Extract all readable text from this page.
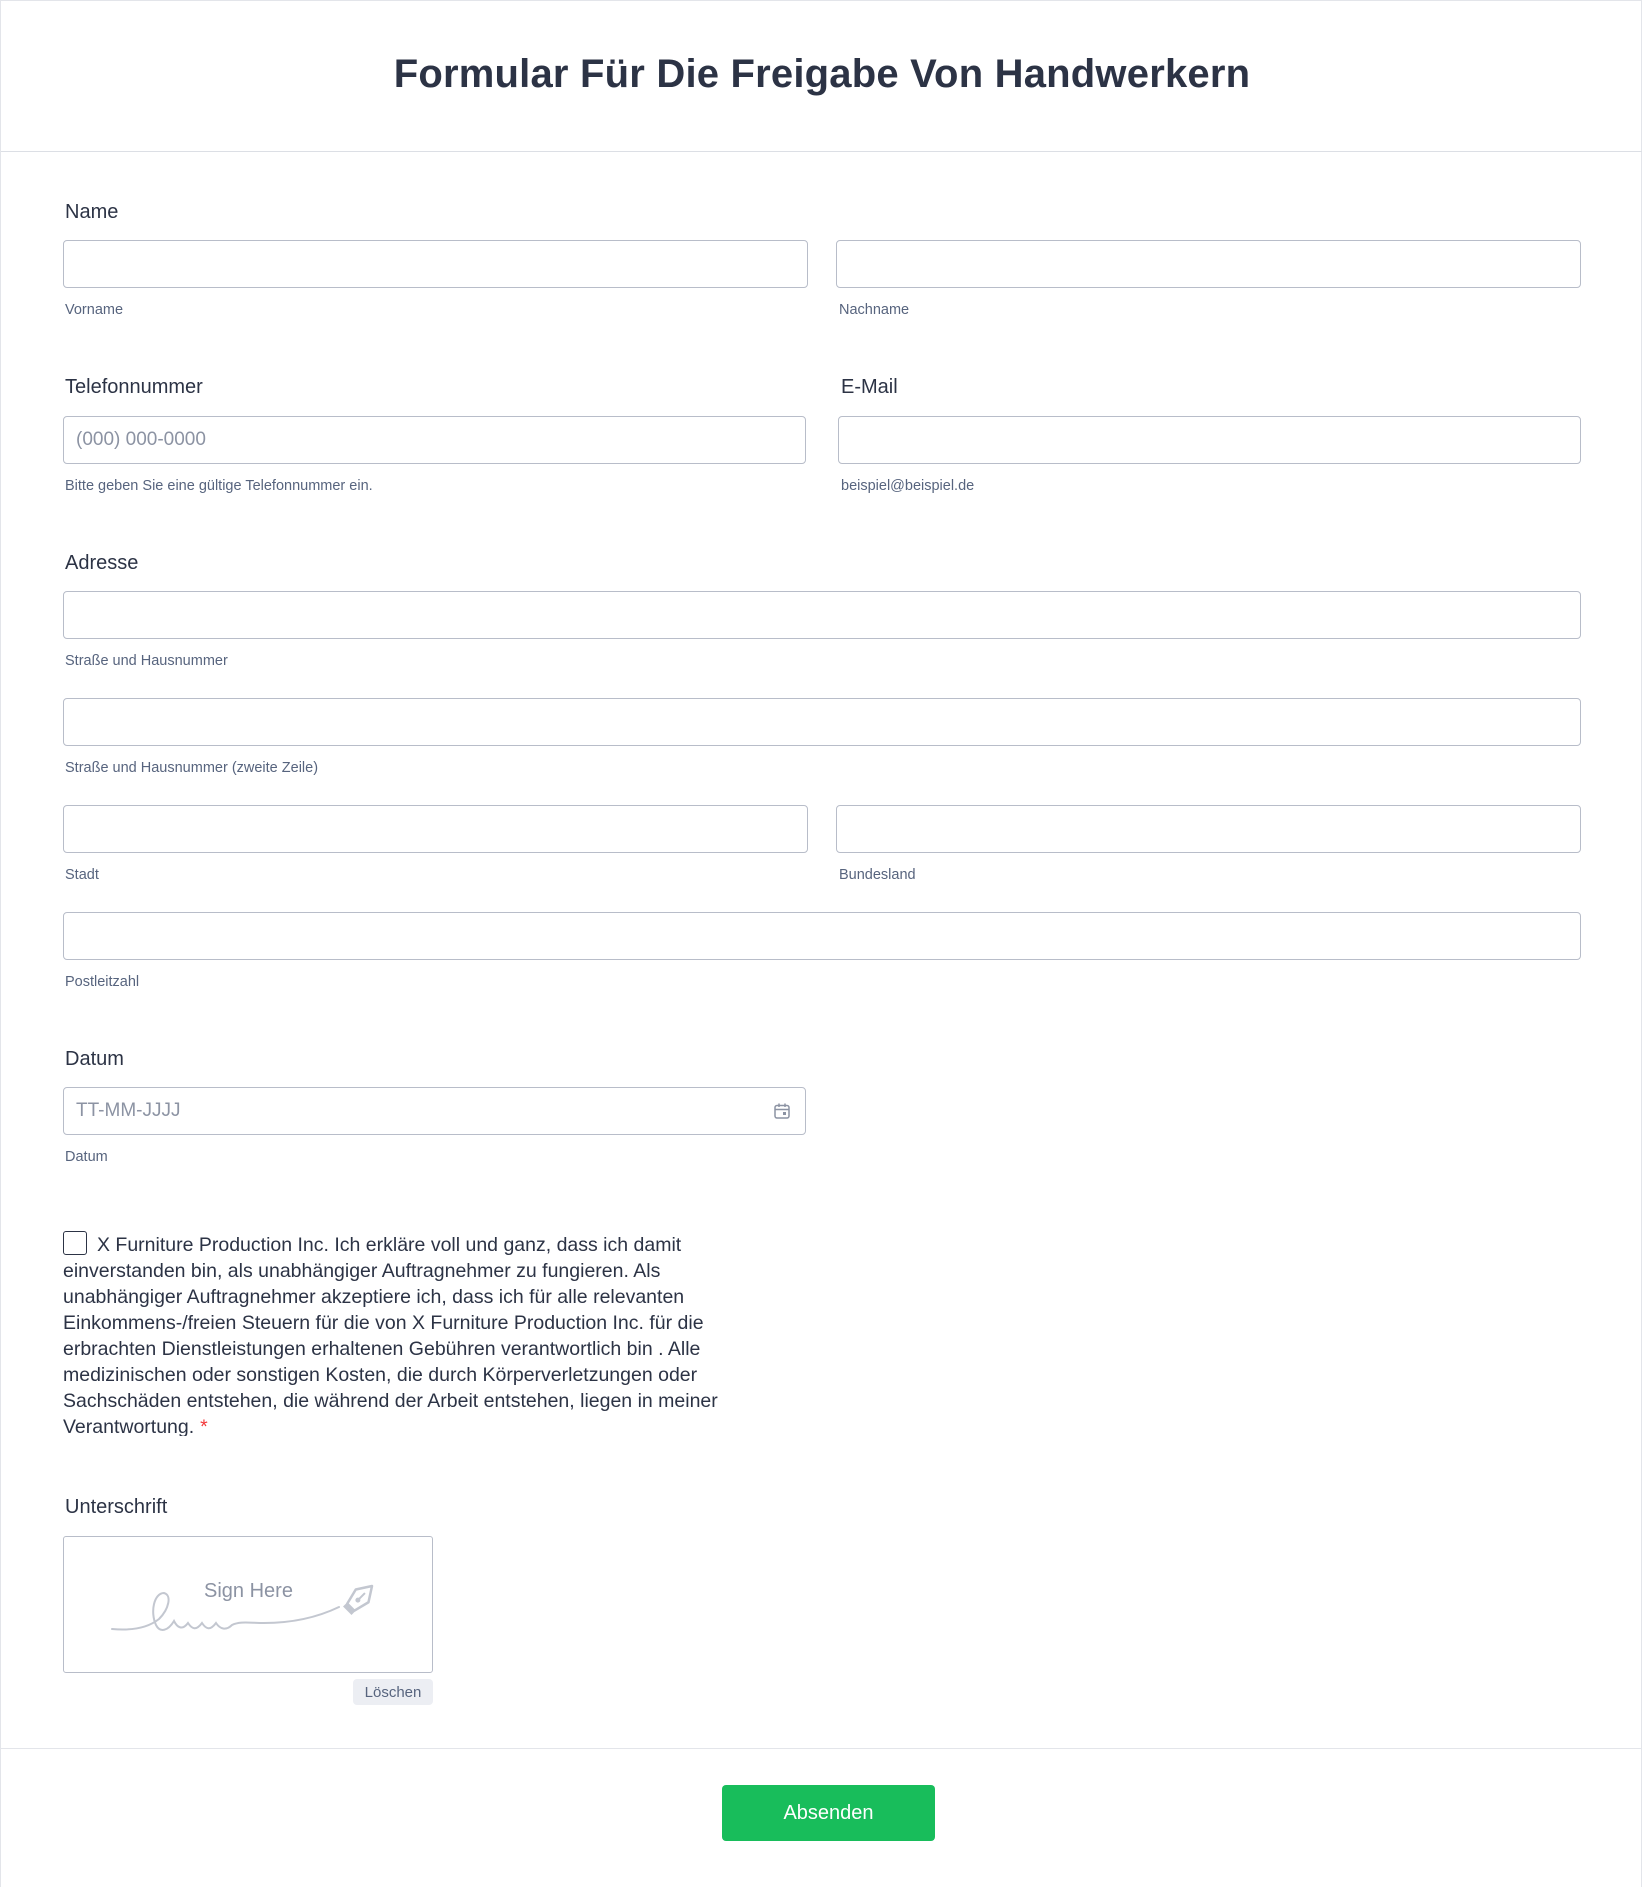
Formular Für Die Freigabe Von Handwerkern
Name
Vorname	Nachname
Telefonnummer
(000) 000-0000
Bitte geben Sie eine gültige Telefonnummer ein.
E-Mail
beispiel@beispiel.de
Adresse
Straße und Hausnummer
Straße und Hausnummer (zweite Zeile)
Stadt	Bundesland
Postleitzahl
Datum
TT-MM-JJJJ
Datum
X Furniture Production Inc. Ich erkläre voll und ganz, dass ich damit einverstanden bin, als unabhängiger Auftragnehmer zu fungieren. Als unabhängiger Auftragnehmer akzeptiere ich, dass ich für alle relevanten Einkommens-/freien Steuern für die von X Furniture Production Inc. für die erbrachten Dienstleistungen erhaltenen Gebühren verantwortlich bin . Alle medizinischen oder sonstigen Kosten, die durch Körperverletzungen oder Sachschäden entstehen, die während der Arbeit entstehen, liegen in meiner Verantwortung. *
Unterschrift
Sign Here
Löschen
Absenden
